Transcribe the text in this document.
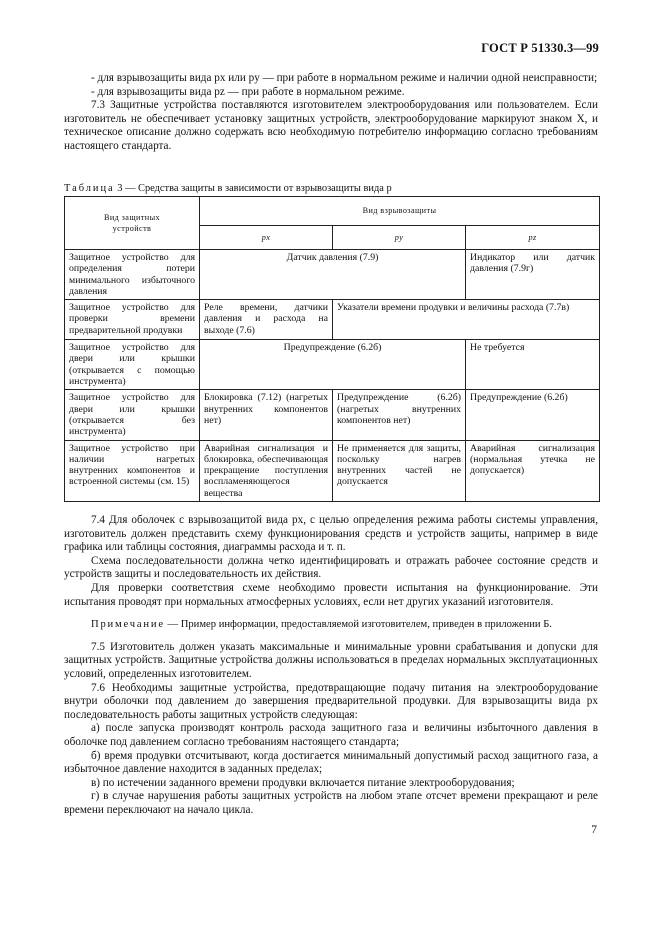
ГОСТ Р 51330.3—99

- для взрывозащиты вида px или py — при работе в нормальном режиме и наличии одной неисправности;

- для взрывозащиты вида pz — при работе в нормальном режиме.

7.3 Защитные устройства поставляются изготовителем электрооборудования или пользователем. Если изготовитель не обеспечивает установку защитных устройств, электрооборудование маркируют знаком X, и техническое описание должно содержать всю необходимую потребителю информацию согласно требованиям настоящего стандарта.

Таблица 3 — Средства защиты в зависимости от взрывозащиты вида p
Вид защитных устройств	Вид взрывозащиты		
	px	py	pz
Защитное устройство для определения потери минимального избыточного давления	Датчик давления (7.9)		Индикатор или датчик давления (7.9г)
Защитное устройство для проверки времени предварительной продувки	Реле времени, датчики давления и расхода на выходе (7.6)	Указатели времени продувки и величины расхода (7.7в)	
Защитное устройство для двери или крышки (открывается с помощью инструмента)	Предупреждение (6.2б)		Не требуется
Защитное устройство для двери или крышки (открывается без инструмента)	Блокировка (7.12) (нагретых внутренних компонентов нет)	Предупреждение (6.2б) (нагретых внутренних компонентов нет)	Предупреждение (6.2б)
Защитное устройство при наличии нагретых внутренних компонентов и встроенной системы (см. 15)	Аварийная сигнализация и блокировка, обеспечивающая прекращение поступления воспламеняющегося вещества	Не применяется для защиты, поскольку нагрев внутренних частей не допускается	Аварийная сигнализация (нормальная утечка не допускается)

7.4 Для оболочек с взрывозащитой вида px, с целью определения режима работы системы управления, изготовитель должен представить схему функционирования средств и устройств защиты, например в виде графика или таблицы состояния, диаграммы расхода и т. п.

Схема последовательности должна четко идентифицировать и отражать рабочее состояние средств и устройств защиты и последовательность их действия.

Для проверки соответствия схеме необходимо провести испытания на функционирование. Эти испытания проводят при нормальных атмосферных условиях, если нет других указаний изготовителя.

Примечание — Пример информации, предоставляемой изготовителем, приведен в приложении Б.

7.5 Изготовитель должен указать максимальные и минимальные уровни срабатывания и допуски для защитных устройств. Защитные устройства должны использоваться в пределах нормальных эксплуатационных условий, определенных изготовителем.

7.6 Необходимы защитные устройства, предотвращающие подачу питания на электрооборудование внутри оболочки под давлением до завершения предварительной продувки. Для взрывозащиты вида px последовательность работы защитных устройств следующая:

а) после запуска производят контроль расхода защитного газа и величины избыточного давления в оболочке под давлением согласно требованиям настоящего стандарта;

б) время продувки отсчитывают, когда достигается минимальный допустимый расход защитного газа, а избыточное давление находится в заданных пределах;

в) по истечении заданного времени продувки включается питание электрооборудования;

г) в случае нарушения работы защитных устройств на любом этапе отсчет времени прекращают и реле времени переключают на начало цикла.

7
